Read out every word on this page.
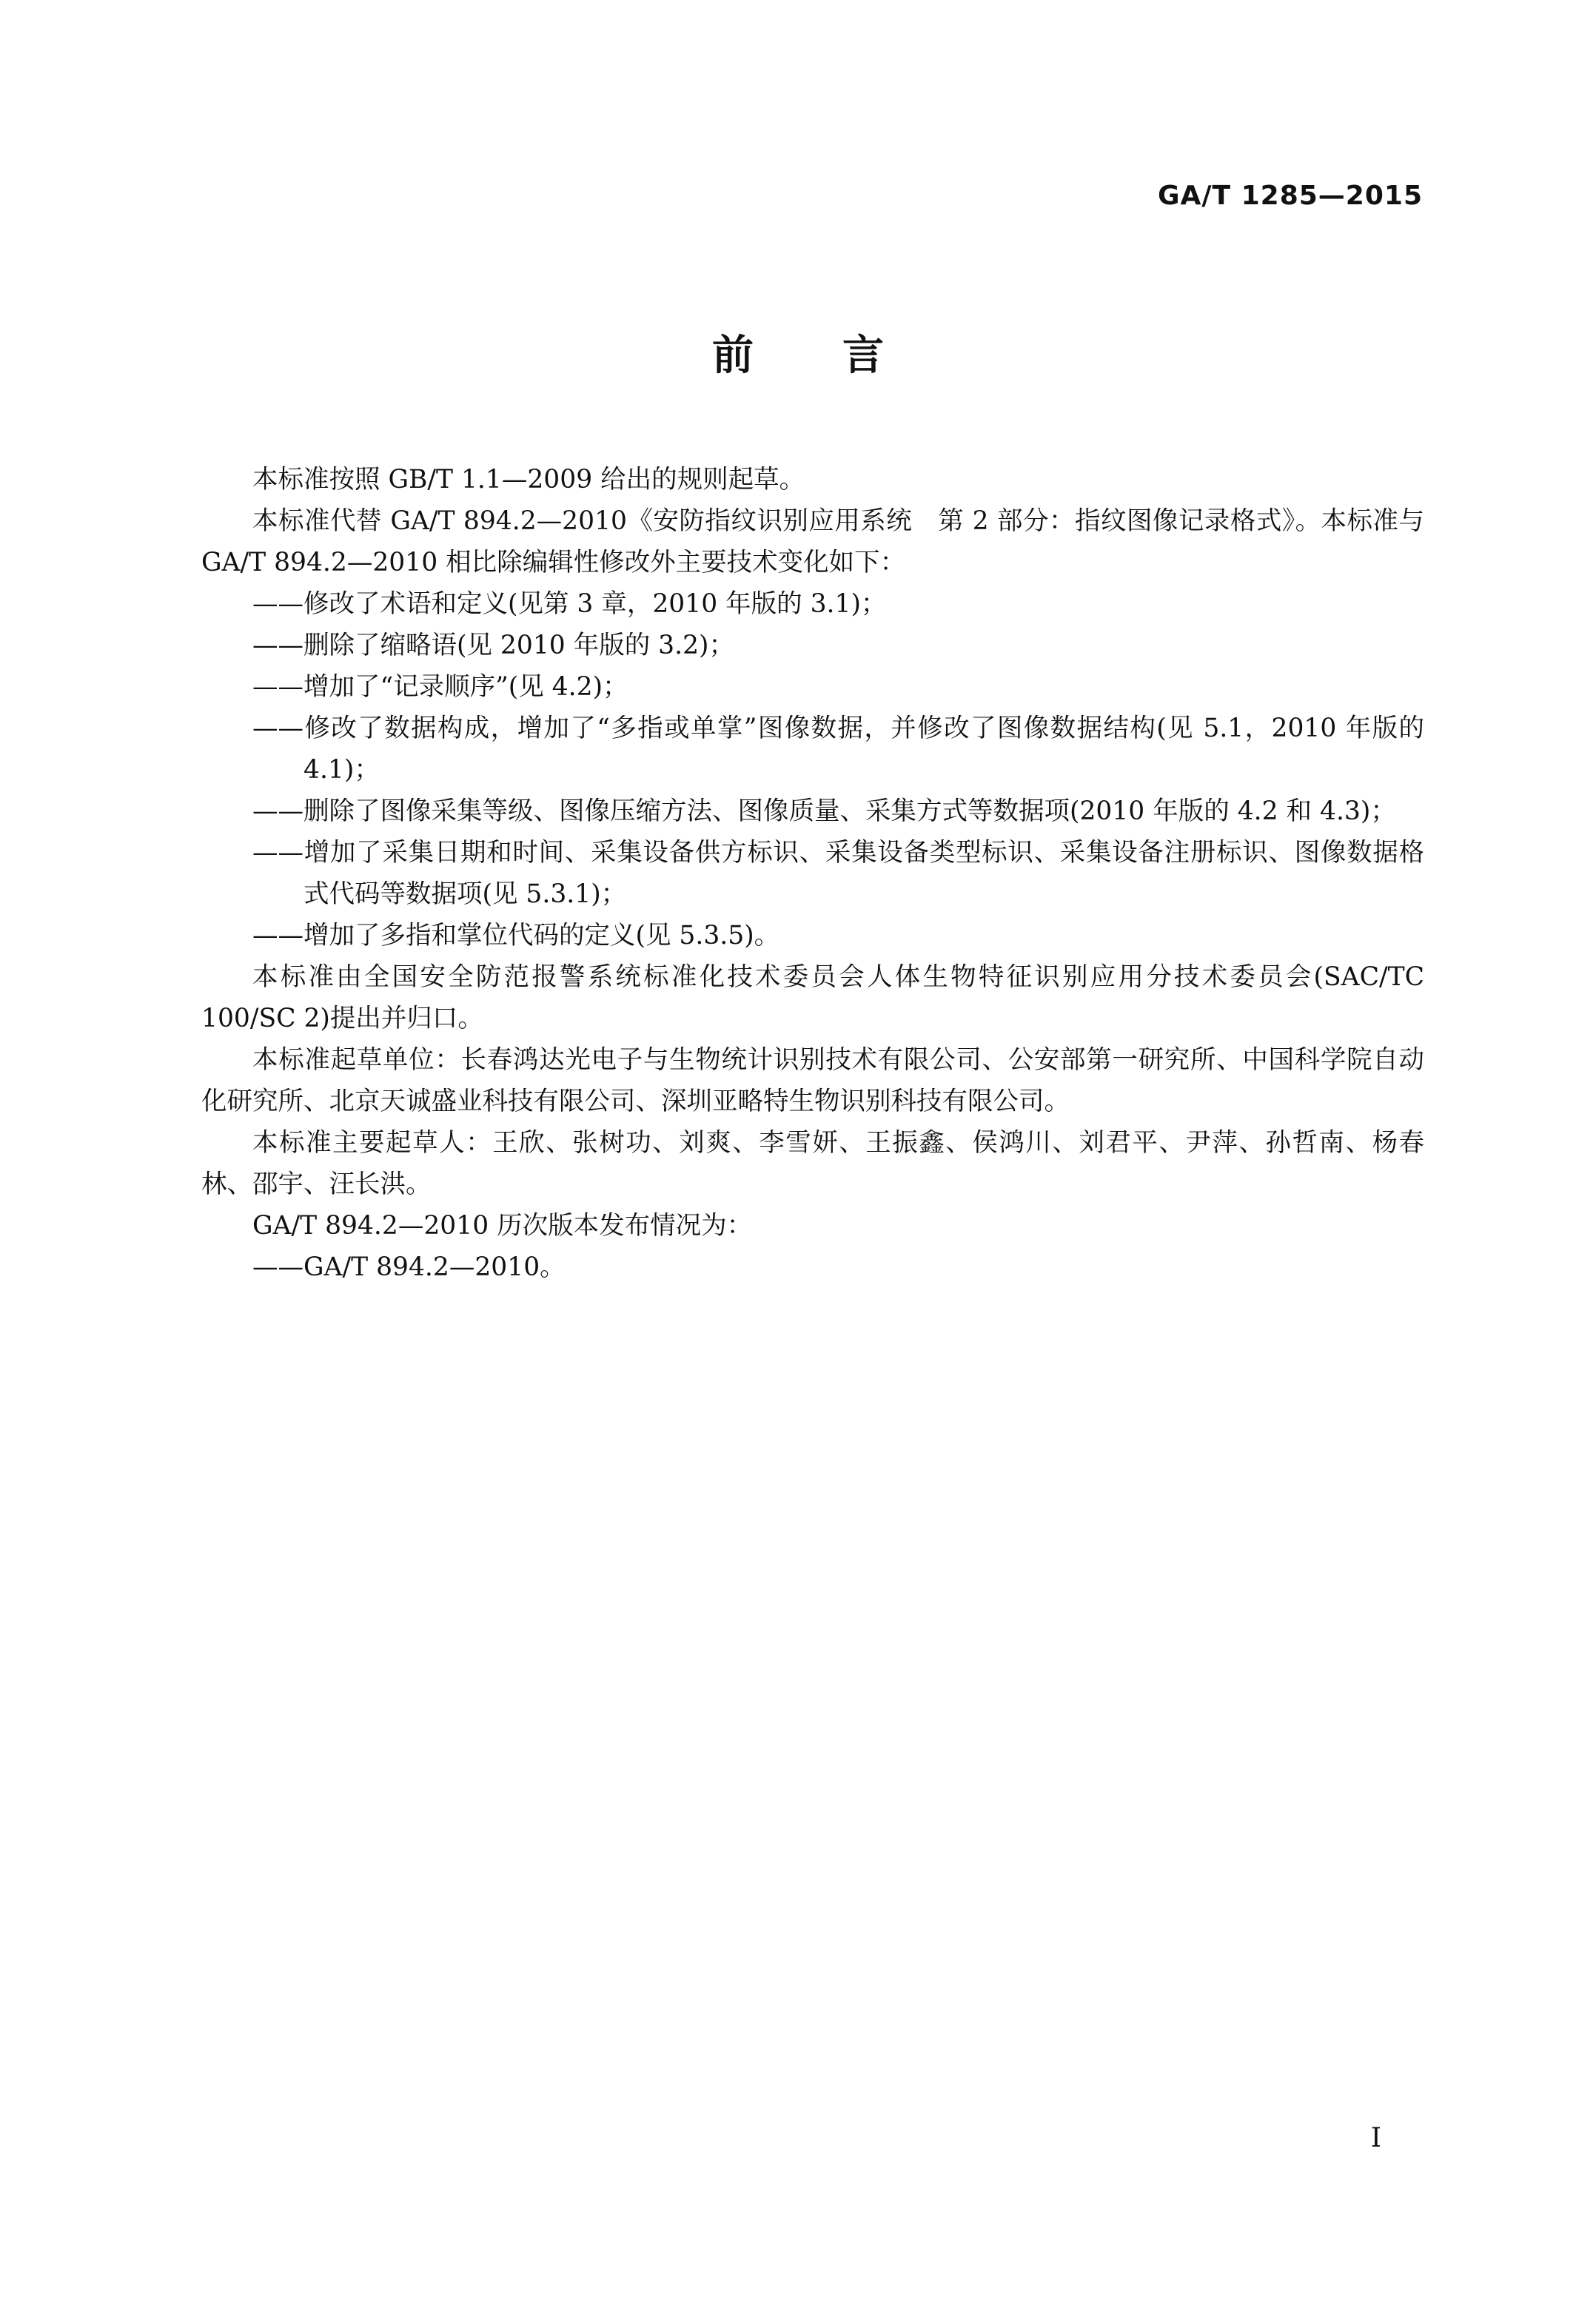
GA/T 1285—2015
前言

本标准按照 GB/T 1.1—2009 给出的规则起草。

本标准代替 GA/T 894.2—2010《安防指纹识别应用系统　第 2 部分：指纹图像记录格式》。本标准与 GA/T 894.2—2010 相比除编辑性修改外主要技术变化如下：

——修改了术语和定义(见第 3 章，2010 年版的 3.1)；

——删除了缩略语(见 2010 年版的 3.2)；

——增加了“记录顺序”(见 4.2)；

——修改了数据构成，增加了“多指或单掌”图像数据，并修改了图像数据结构(见 5.1，2010 年版的 4.1)；

——删除了图像采集等级、图像压缩方法、图像质量、采集方式等数据项(2010 年版的 4.2 和 4.3)；

——增加了采集日期和时间、采集设备供方标识、采集设备类型标识、采集设备注册标识、图像数据格式代码等数据项(见 5.3.1)；

——增加了多指和掌位代码的定义(见 5.3.5)。

本标准由全国安全防范报警系统标准化技术委员会人体生物特征识别应用分技术委员会(SAC/TC 100/SC 2)提出并归口。

本标准起草单位：长春鸿达光电子与生物统计识别技术有限公司、公安部第一研究所、中国科学院自动化研究所、北京天诚盛业科技有限公司、深圳亚略特生物识别科技有限公司。

本标准主要起草人：王欣、张树功、刘爽、李雪妍、王振鑫、侯鸿川、刘君平、尹萍、孙哲南、杨春林、邵宇、汪长洪。

GA/T 894.2—2010 历次版本发布情况为：

——GA/T 894.2—2010。

I
